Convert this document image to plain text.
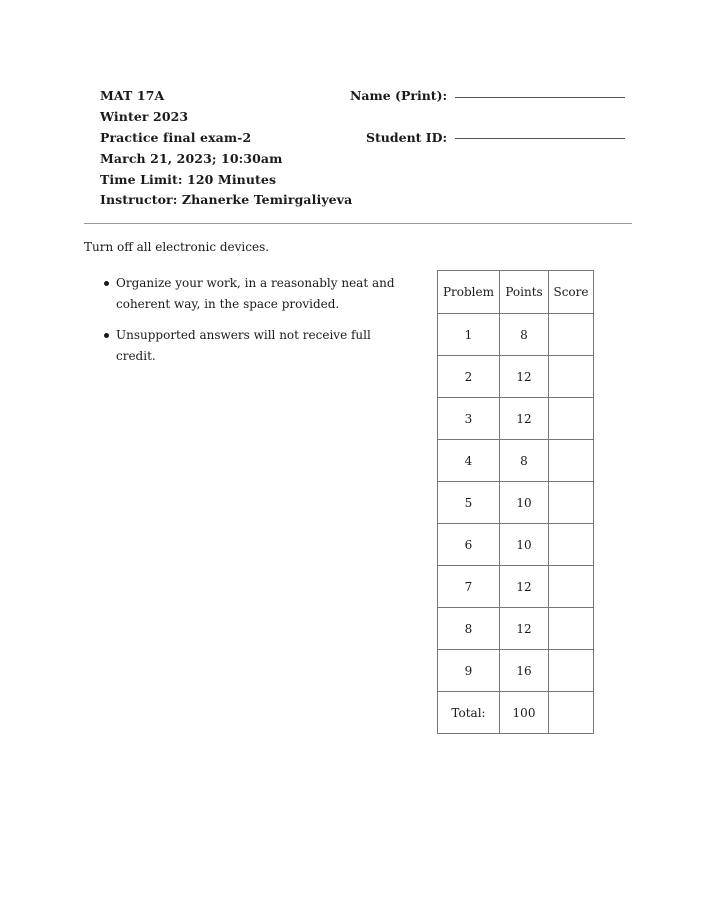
MAT 17A
Winter 2023
Practice final exam-2
March 21, 2023; 10:30am
Time Limit: 120 Minutes
Instructor: Zhanerke Temirgaliyeva
Name (Print):
Student ID:
Turn off all electronic devices.
Organize your work, in a reasonably neat and coherent way, in the space provided.
Unsupported answers will not receive full credit.
Problem	Points	Score
1	8	
2	12	
3	12	
4	8	
5	10	
6	10	
7	12	
8	12	
9	16	
Total:	100	
